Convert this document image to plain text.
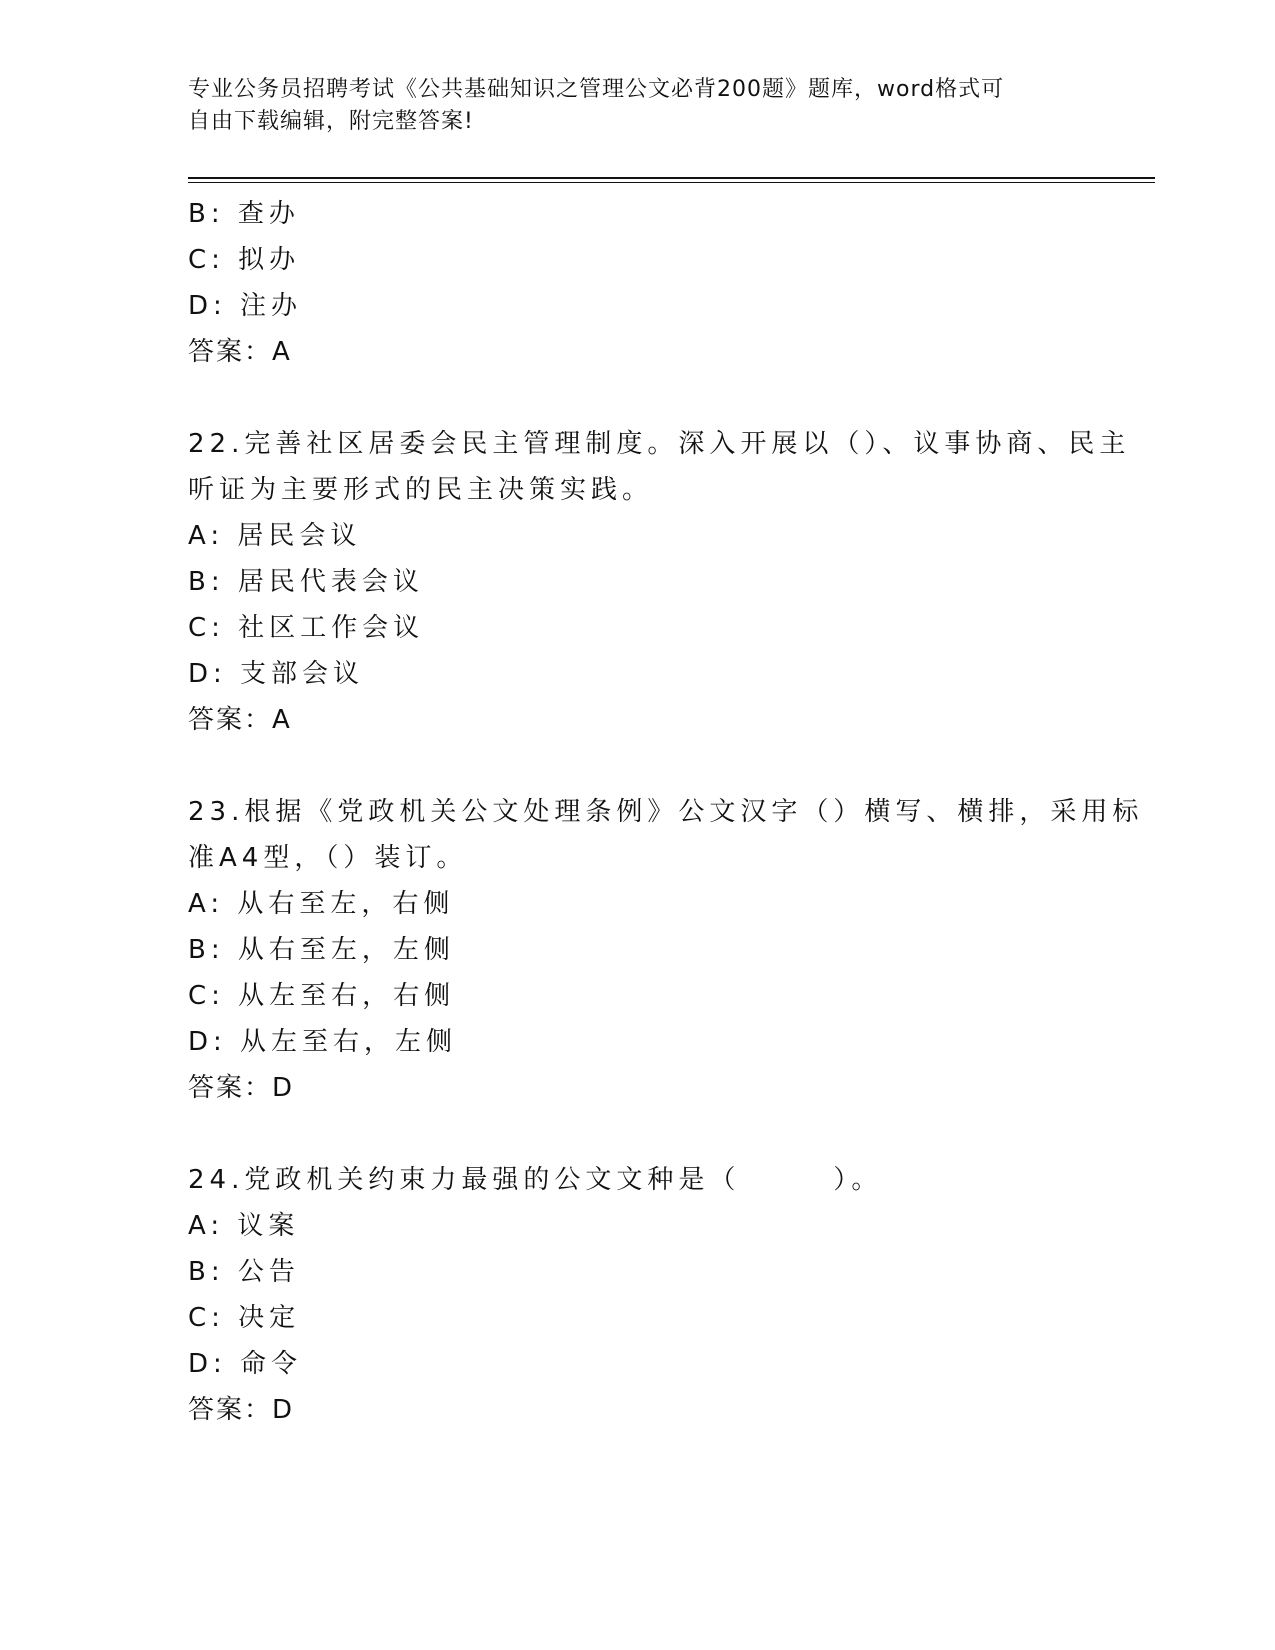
专业公务员招聘考试《公共基础知识之管理公文必背200题》题库，word格式可
自由下载编辑，附完整答案!
B: 查办
C: 拟办
D: 注办
答案：A
22.完善社区居委会民主管理制度。深入开展以（）、议事协商、民主
听证为主要形式的民主决策实践。
A: 居民会议
B: 居民代表会议
C: 社区工作会议
D: 支部会议
答案：A
23.根据《党政机关公文处理条例》公文汉字（）横写、横排，采用标
准A4型，（）装订。
A: 从右至左，右侧
B: 从右至左，左侧
C: 从左至右，右侧
D: 从左至右，左侧
答案：D
24.党政机关约束力最强的公文文种是（　　　）。
A: 议案
B: 公告
C: 决定
D: 命令
答案：D
